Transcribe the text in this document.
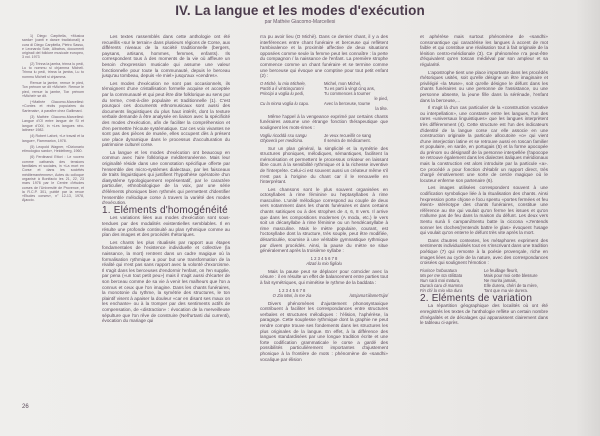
IV. La langue et les modes d'exécution
par Mathée Giacomo-Marcellesi

1) Diego Carpitella, «Musica sarda» (canti e danze tradizionali) a cura di Diego Carpitella, Pietro Sassu, e Leonardo Sole, Albatros, documenti originali del folklore musicale europeo, 3 vol. 1973

(2) Trinna la jamba, trinna lu pedi, Lu to nommu si chjamma Micheli. Trinna lu pedi, trinna la jamba, Lu to nommu Micheli si chjamma.

Remue la jambe, remue le pied, Ton prénom se dit «Michel». Remue le pied, remue la jambe, Ton prénom «Michel» se dit.

(+Mathée Giacomo-Marcellesi: «Contes et récits populaires du Sartenais», à paraître chez Gallimard.

(3) Mathée Giacomo-Marcellesi: Langue d'Oï entre langue de Si et langue d'Oüï, in «Les langues néo-latines» 1982.

(4) Robert Lafont, «Le travail et la langue», Flammarion, 1978.

(5) Leopold Wagner, «Dizionario etimologico sardo», Heidelberg, 1960.

(6) Ferdinand Ettori : Le vocero comme catharsis des tensions familiales et sociales, in «La mort en Corse et dans les sociétés méditerranéennes», Actes du colloque organisé à Bonifacio les 21, 22, 23 mars 1976 par le Centre d'études corses de l'Université de Provence, et la R.C.P. 301, publié par la revue «Etudes corses», n° 12-13, 1978, Ajaccio.

Les textes rassemblés dans cette anthologie ont été recueillis «sur le terrain» dans plusieurs régions de Corse, aux différents niveaux de la société traditionnelle (bergers, paysans, artisans, hommes, femmes, enfants). Ils correspondent tous à des moments de la vie où affleure un besoin d'expression musicale qui assume une valeur fonctionnelle pour toute la communauté, depuis le berceau jusqu'au tombeau, depuis «le miel» jusqu'aux «cendres».

Les modes d'exécution ne sont pas occasionnels, ils témoignent d'une cristallisation formelle acquise et acceptée par la communauté et qui peut être dite folklorique au sens pur du terme, c'est-à-dire populaire et traditionnelle (1). C'est pourquoi ces documents ethnomusicaux sont aussi des documents linguistiques du plus haut intérêt, dont la texture verbale demande à être analysée en liaison avec la spécificité des modes d'exécution, afin de faciliter la compréhension et d'en permettre l'écoute systématique. Car ces voix vivantes ne sont pas des pièces de musée, elles occupent dès à présent une place dynamique dans le processus d'acculturation du patrimoine culturel corse.

La langue et les modes d'exécution ont beaucoup en commun avec l'aire folklorique méditerranéenne. Mais leur originalité réside dans une connotation spécifique offerte par l'ensemble des micro-systèmes dialectaux, par les faisceaux de traits linguistiques qui justifient l'hypothèse opératoire d'un diasystème typologiquement représentatif, par le caractère particulier, ethnobiologique de la voix, par une série d'éléments phoniques bien rythmés qui permettent d'identifier l'ensemble mélodique corse à travers la variété des modes d'exécution.

1. Eléments d'homogénéité

Les variations liées aux modes d'exécution sont sous-tendues par des modalités existentielles semblables. Il en résulte une profonde continuité au plan rythmique comme au plan des images et des procédés rhétoriques.

Les chants les plus ritualisés par rapport aux étapes fondamentales de l'existence individuelle et collective (la naissance, la mort) rentrent dans un cadre magique où la formalisation rythmique a pour but une transformation de la réalité qui n'est pas sans rapport avec la volonté d'exorcisme. Il s'agit dans les berceuses d'endormir l'enfant, on l'en supplie, par pena («un tout petit peu») mais il s'agit aussi d'écarter de son berceau comme de sa vie à venir les malheurs que l'on a connus et ceux que l'on imagine. Dans les chants funéraires, la monotonie du rythme, la symétrie des structures, le ton plaintif visent à apaiser la douleur «car en disant ses maux on les enchante» ou à la tromper par des sentiments actifs de compensation, de «distraction» : évocation de la merveilleuse sépulture que l'on rêve de construire (Nell'urtanti dui currenti), évocation du mariage qui

n'a pu avoir lieu (O Michè). Dans ce dernier chant, il y a des interférences entre chant funéraire et berceuse qui reflètent l'ambivalence et la proximité affective de deux situations opposées comme seule la femme peut les connaître : la perte du compagnon / la naissance de l'enfant. La première strophe commence comme un chant funéraire et se termine comme une berceuse qui évoque une comptine pour tout petit enfant (2) :

O Michè, lu mio Michele,
Partiti a li vintcinqu'anni
Principi a voglia lu pedi,

Cu la ninna voglia lu capu.
Michel, mon Michel,
Tu es parti à vingt cinq ans,
Tu commences à tourner
le pied,
Avec la berceuse, tourne
la tête.

Même l'appel à la vengeance exprimé par certains chants funéraires assume une étrange fonction thérapeutique que soulignent les mots-rimes :

Vogliu ricoddà ssu sangu
Ghjoverà per medicina.
Je veux recueillir ce sang
Il servira de médicament.

Sur un plan général, la simplicité et la symétrie des structures phoniques, mélodiques, sémantiques, facilitent la mémorisation et permettent le processus créateur en laissant libre cours à la sensibilité rythmique et à la richesse inventive de l'interprète. Celui-ci est souvent aussi un créateur même s'il n'est pas à l'origine du chant car il le renouvelle en l'interprétant.

Les chansons sont le plus souvent organisées en octosyllabes à rime féminine ou heptasyllabes à rime masculine. L'unité mélodique correspond au couple de deux vers notamment dans les chants funéraires et dans certains chants satiriques ou à des strophes de 4, 6, 8 vers. Il arrive que dans les compositions modernes (A moda, etc.) le vers soit un décasyllabe à rime féminine ou un hendécasyllabe à rime masculine. Mais le mètre populaire, courant, est l'octosyllabe dont la structure, très souple, peut être modifiée, désarticulée, soumise à une véritable gymnastique rythmique par divers procédés. Ainsi, la pause du mètre se situe généralement après la troisième syllabe :

1 2 3 4 5 6 7 8
Alzati lu mio figliolu

Mais la pause peut se déplacer pour coïncider avec la césure : il en résulte un effet de balancement entre parties tout à fait symétriques, qui mimétise le rythme de la baddata :

1 2 3 4 5 6 7 8
O Zia Mari, la me zia
	/otsjama'riilame'tsija/

Divers phénomènes d'ajustement phonosyntaxique contribuent à faciliter les correspondances entre structures verbales et structures mélodiques : l'élision, l'aphérèse, la paragoge. Cette souplesse rythmique dont la graphie ne peut rendre compte trouve ses fondements dans les structures les plus originales de la langue. En effet, à la différence des langues standardisées par une longue tradition écrite et une forte codification grammaticale le corse a gardé des possibilités particulièrement importantes d'ajustement phonique à la frontière de mots : phénomène de «sandhi» vocalique par élision

et aphérèse mais surtout phénomène de «sandhi» consonantique qui caractérise les langues à accent de mot faible et qui constitue une réalisation tout à fait originale de la lénition centro-méridionale (3). Ce phénomène n'a peut-être d'équivalent qu'en toscan médiéval par son ampleur et sa régularité.

L'apostrophe tient une place importante dans les procédés rhétoriques usités, soit qu'elle désigne un être imaginaire et privilégié «la Muse», soit qu'elle désigne le défunt dans les chants funéraires ou une personne de l'assistance, ou une personne absente, la jeune fille dans la sérénade, l'enfant dans la berceuse,...

Il s'agit là d'un cas particulier de la «construction vocative ou interpellation», une constante entre les langues, l'un des rares «universaux linguistiques» que les langues interprètent très différemment (4). Cette structure est l'un des indicateurs d'identité de la langue corse car elle associe en une construction originale la particule allocutoire «o» qui vient d'une interjection latine et se retrouve aussi en toscan familier et populaire, en sarde, en portugais (5) et la forme apocopée du prénom ou désignatif de la personne interpellée (l'apocope se retrouve également dans les dialectes italiques méridionaux mais la construction est alors introduite par la particule «a». Ce procédé a pour fonction d'établir un rapport direct, très chargé émotivement une sorte de cercle magique où le locuteur enferme son partenaire (6).

Les images utilisées correspondent souvent à une codification symbolique liée à la ritualisation des chants. Ainsi l'expression porte chjose e focu spentu «portes fermées et feu éteint» stéréotype des chants funéraires, constitue une référence au rite qui voulait qu'on ferme les issues et qu'on n'allume pas de feu dans la maison du défunt. Les deux vers Sentu sunà li campani/Sentu batte la ciccona «J'entends sonner les cloches/j'entends battre le glas» évoquent l'usage qui voulait qu'on enterre le défunt très vite après la mort.

Dans d'autres contextes, les métaphores expriment des sentiments individualisés tout en s'inscrivant dans une tradition poétique (7) qui remonte à la poésie provençale, riche en images liées au cycle de la nature, avec des correspondances croisées qui soulignent l'émotion :

Fiurisce l'arburatura
Ma per me sta stilittata
Nun sarà mai matura,
Durarà caru di mamma
Fin chì la mio vita dura
Le feuillage fleurit,
Mais pour moi cette blessure
Ne murira jamais,
Elle durera, chéri de ta mère,
Tant que ma vie durera.

2. Eléments de variation

La répartition géographique des localités où ont été enregistrés les textes de l'anthologie reflète un certain nombre d'inégalités et de décalages qui apparaissent clairement dans le tableau ci-après.

26
